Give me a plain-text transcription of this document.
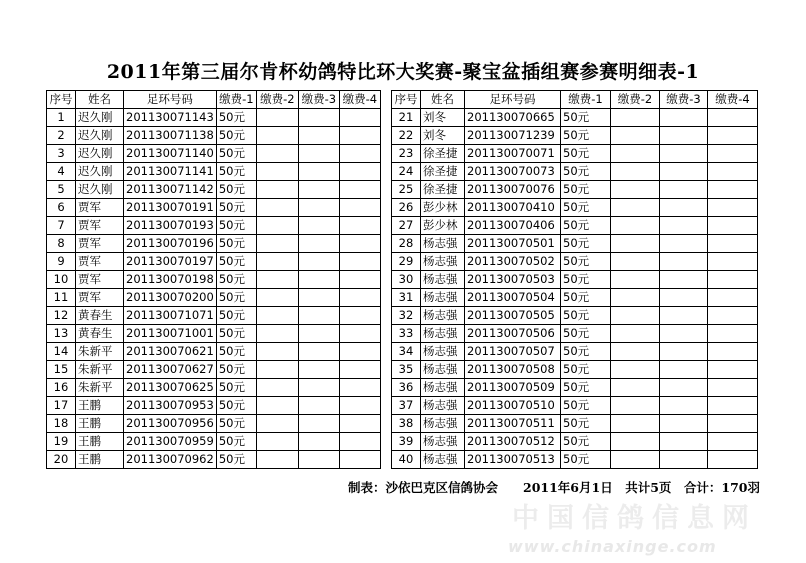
2011年第三届尔肯杯幼鸽特比环大奖赛-聚宝盆插组赛参赛明细表-1
序号	姓名	足环号码	缴费-1	缴费-2	缴费-3	缴费-4
1	迟久刚	201130071143	50元			
2	迟久刚	201130071138	50元			
3	迟久刚	201130071140	50元			
4	迟久刚	201130071141	50元			
5	迟久刚	201130071142	50元			
6	贾军	201130070191	50元			
7	贾军	201130070193	50元			
8	贾军	201130070196	50元			
9	贾军	201130070197	50元			
10	贾军	201130070198	50元			
11	贾军	201130070200	50元			
12	黄春生	201130071071	50元			
13	黄春生	201130071001	50元			
14	朱新平	201130070621	50元			
15	朱新平	201130070627	50元			
16	朱新平	201130070625	50元			
17	王鹏	201130070953	50元			
18	王鹏	201130070956	50元			
19	王鹏	201130070959	50元			
20	王鹏	201130070962	50元			
序号	姓名	足环号码	缴费-1	缴费-2	缴费-3	缴费-4
21	刘冬	201130070665	50元			
22	刘冬	201130071239	50元			
23	徐圣捷	201130070071	50元			
24	徐圣捷	201130070073	50元			
25	徐圣捷	201130070076	50元			
26	彭少林	201130070410	50元			
27	彭少林	201130070406	50元			
28	杨志强	201130070501	50元			
29	杨志强	201130070502	50元			
30	杨志强	201130070503	50元			
31	杨志强	201130070504	50元			
32	杨志强	201130070505	50元			
33	杨志强	201130070506	50元			
34	杨志强	201130070507	50元			
35	杨志强	201130070508	50元			
36	杨志强	201130070509	50元			
37	杨志强	201130070510	50元			
38	杨志强	201130070511	50元			
39	杨志强	201130070512	50元			
40	杨志强	201130070513	50元			
制表：沙依巴克区信鸽协会　　2011年6月1日　共计5页　合计：170羽
中国信鸽信息网
www.chinaxinge.com
